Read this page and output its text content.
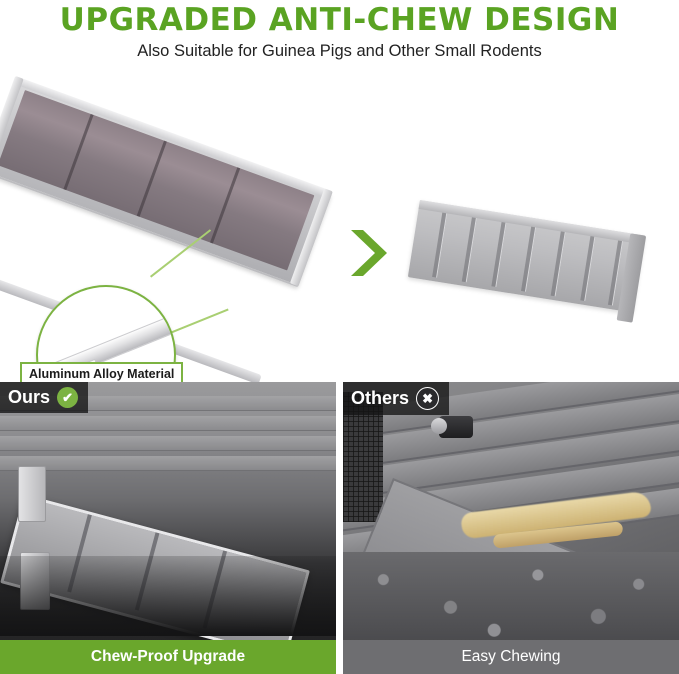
UPGRADED ANTI-CHEW DESIGN
Also Suitable for Guinea Pigs and Other Small Rodents
Aluminum Alloy Material
Ours ✔
Chew-Proof Upgrade
Others	✖
Easy Chewing
